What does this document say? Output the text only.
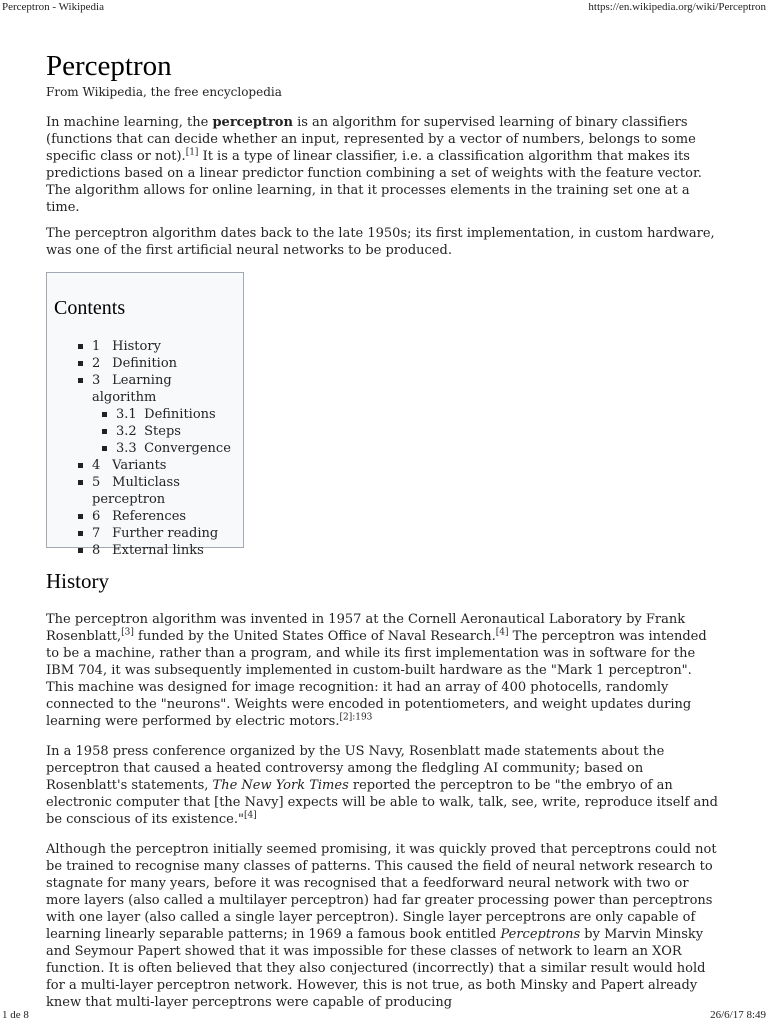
Perceptron - Wikipedia	https://en.wikipedia.org/wiki/Perceptron
Perceptron
From Wikipedia, the free encyclopedia

In machine learning, the perceptron is an algorithm for supervised learning of binary classifiers (functions that can decide whether an input, represented by a vector of numbers, belongs to some specific class or not).[1] It is a type of linear classifier, i.e. a classification algorithm that makes its predictions based on a linear predictor function combining a set of weights with the feature vector. The algorithm allows for online learning, in that it processes elements in the training set one at a time.

The perceptron algorithm dates back to the late 1950s; its first implementation, in custom hardware, was one of the first artificial neural networks to be produced.

Contents
1 History
2 Definition
3 Learning algorithm
3.1 Definitions
3.2 Steps
3.3 Convergence
4 Variants
5 Multiclass perceptron
6 References
7 Further reading
8 External links
History

The perceptron algorithm was invented in 1957 at the Cornell Aeronautical Laboratory by Frank Rosenblatt,[3] funded by the United States Office of Naval Research.[4] The perceptron was intended to be a machine, rather than a program, and while its first implementation was in software for the IBM 704, it was subsequently implemented in custom-built hardware as the "Mark 1 perceptron". This machine was designed for image recognition: it had an array of 400 photocells, randomly connected to the "neurons". Weights were encoded in potentiometers, and weight updates during learning were performed by electric motors.$^{[2]:193}$

In a 1958 press conference organized by the US Navy, Rosenblatt made statements about the perceptron that caused a heated controversy among the fledgling AI community; based on Rosenblatt's statements, The New York Times reported the perceptron to be "the embryo of an electronic computer that [the Navy] expects will be able to walk, talk, see, write, reproduce itself and be conscious of its existence."[4]

Although the perceptron initially seemed promising, it was quickly proved that perceptrons could not be trained to recognise many classes of patterns. This caused the field of neural network research to stagnate for many years, before it was recognised that a feedforward neural network with two or more layers (also called a multilayer perceptron) had far greater processing power than perceptrons with one layer (also called a single layer perceptron). Single layer perceptrons are only capable of learning linearly separable patterns; in 1969 a famous book entitled Perceptrons by Marvin Minsky and Seymour Papert showed that it was impossible for these classes of network to learn an XOR function. It is often believed that they also conjectured (incorrectly) that a similar result would hold for a multi-layer perceptron network. However, this is not true, as both Minsky and Papert already knew that multi-layer perceptrons were capable of producing

1 de 8	26/6/17 8:49
